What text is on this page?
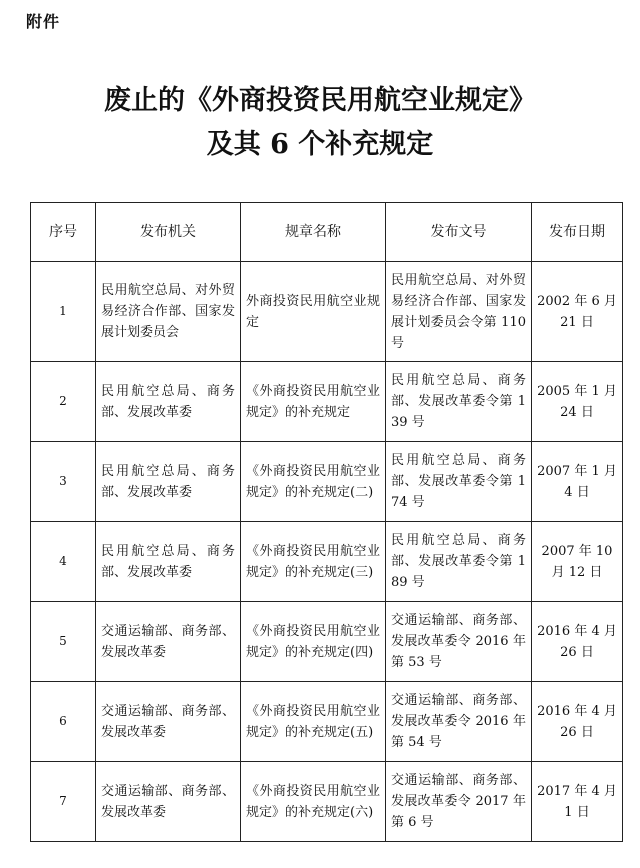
附件
废止的《外商投资民用航空业规定》
及其 6 个补充规定
序号	发布机关	规章名称	发布文号	发布日期
1	民用航空总局、对外贸易经济合作部、国家发展计划委员会	外商投资民用航空业规定	民用航空总局、对外贸易经济合作部、国家发展计划委员会令第 110 号	2002 年 6 月 21 日
2	民用航空总局、商务部、发展改革委	《外商投资民用航空业规定》的补充规定	民用航空总局、商务部、发展改革委令第 139 号	2005 年 1 月 24 日
3	民用航空总局、商务部、发展改革委	《外商投资民用航空业规定》的补充规定(二)	民用航空总局、商务部、发展改革委令第 174 号	2007 年 1 月 4 日
4	民用航空总局、商务部、发展改革委	《外商投资民用航空业规定》的补充规定(三)	民用航空总局、商务部、发展改革委令第 189 号	2007 年 10 月 12 日
5	交通运输部、商务部、发展改革委	《外商投资民用航空业规定》的补充规定(四)	交通运输部、商务部、发展改革委令 2016 年第 53 号	2016 年 4 月 26 日
6	交通运输部、商务部、发展改革委	《外商投资民用航空业规定》的补充规定(五)	交通运输部、商务部、发展改革委令 2016 年第 54 号	2016 年 4 月 26 日
7	交通运输部、商务部、发展改革委	《外商投资民用航空业规定》的补充规定(六)	交通运输部、商务部、发展改革委令 2017 年第 6 号	2017 年 4 月 1 日
